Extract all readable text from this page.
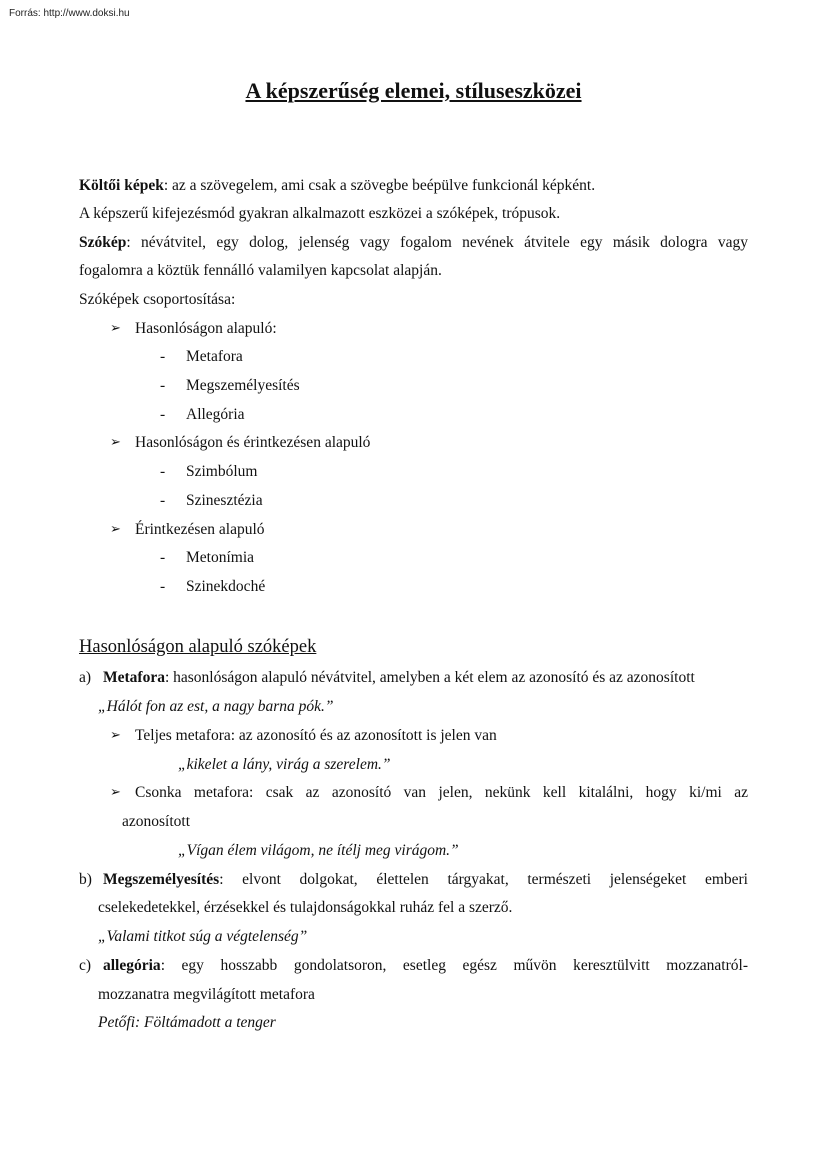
Forrás: http://www.doksi.hu
A képszerűség elemei, stíluseszközei
Költői képek: az a szövegelem, ami csak a szövegbe beépülve funkcionál képként.
A képszerű kifejezésmód gyakran alkalmazott eszközei a szóképek, trópusok.
Szókép: névátvitel, egy dolog, jelenség vagy fogalom nevének átvitele egy másik dologra vagy
fogalomra a köztük fennálló valamilyen kapcsolat alapján.
Szóképek csoportosítása:
➢ Hasonlóságon alapuló:
- Metafora
- Megszemélyesítés
- Allegória
➢ Hasonlóságon és érintkezésen alapuló
- Szimbólum
- Szinesztézia
➢ Érintkezésen alapuló
- Metonímia
- Szinekdoché
Hasonlóságon alapuló szóképek
a) Metafora: hasonlóságon alapuló névátvitel, amelyben a két elem az azonosító és az azonosított
„Hálót fon az est, a nagy barna pók.”
➢ Teljes metafora: az azonosító és az azonosított is jelen van
„kikelet a lány, virág a szerelem.”
➢ Csonka metafora: csak az azonosító van jelen, nekünk kell kitalálni, hogy ki/mi az
azonosított
„Vígan élem világom, ne ítélj meg virágom.”
b) Megszemélyesítés: elvont dolgokat, élettelen tárgyakat, természeti jelenségeket emberi
cselekedetekkel, érzésekkel és tulajdonságokkal ruház fel a szerző.
„Valami titkot súg a végtelenség”
c) allegória: egy hosszabb gondolatsoron, esetleg egész művön keresztülvitt mozzanatról-
mozzanatra megvilágított metafora
Petőfi: Föltámadott a tenger
